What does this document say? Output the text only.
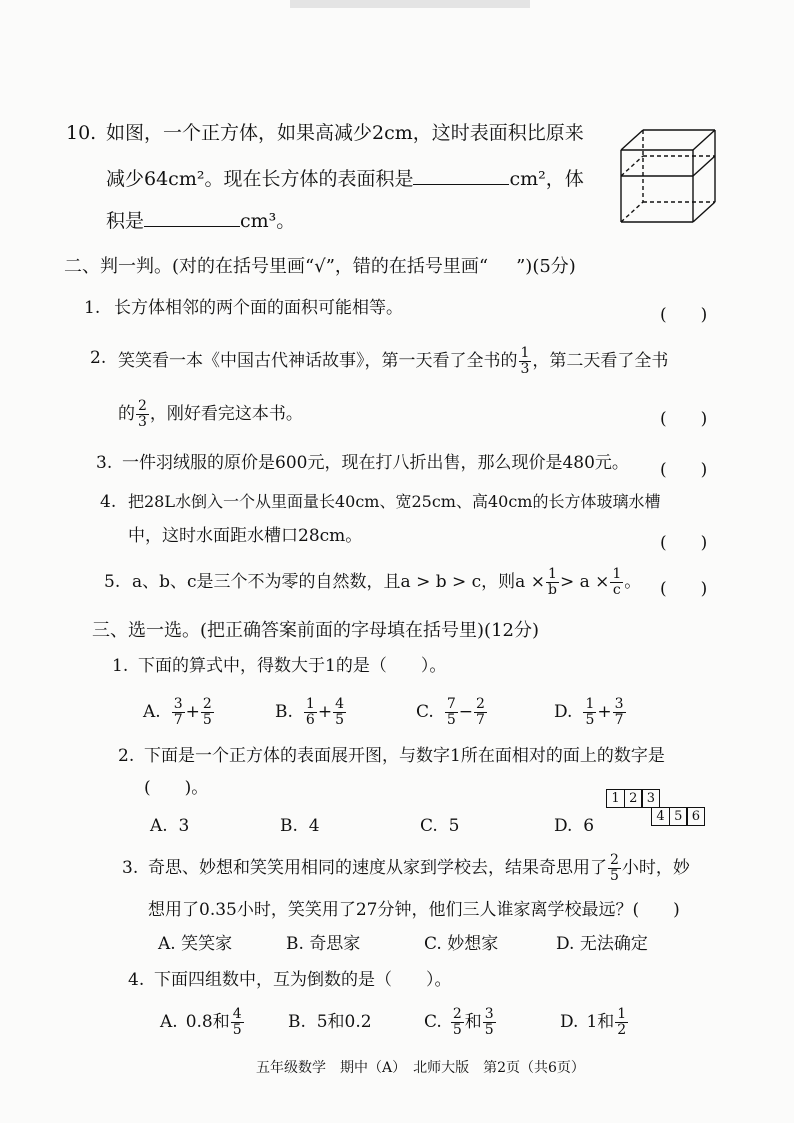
10. 如图，一个正方体，如果高减少2cm，这时表面积比原来
减少64cm²。现在长方体的表面积是	cm²，体
积是	cm³。
二、判一判。(对的在括号里画“√”，错的在括号里画“ ”)(5分)
1. 长方体相邻的两个面的面积可能相等。	(　　)
2. 笑笑看一本《中国古代神话故事》，第一天看了全书的 $\frac{1}{3}$ ，第二天看了全书
的 $\frac{2}{3}$ ，刚好看完这本书。	(　　)
3. 一件羽绒服的原价是600元，现在打八折出售，那么现价是480元。 (　　)
4. 把28L水倒入一个从里面量长40cm、宽25cm、高40cm的长方体玻璃水槽
中，这时水面距水槽口28cm。	(　　)
5. a、b、c是三个不为零的自然数，且a > b > c，则$a \times \frac{1}{b} > a \times \frac{1}{c}$ 。 (　　)
三、选一选。(把正确答案前面的字母填在括号里)(12分)
1. 下面的算式中，得数大于1的是（　　）。
A. $\frac{3}{7} + \frac{2}{5}$	B. $\frac{1}{6} + \frac{4}{5}$	C. $\frac{7}{5} - \frac{2}{7}$	D. $\frac{1}{5} + \frac{3}{7}$
2. 下面是一个正方体的表面展开图，与数字1所在面相对的面上的数字是
(　　)。
A. 3	B. 4	C. 5	D. 6
1 2 3
4 5 6
3. 奇思、妙想和笑笑用相同的速度从家到学校去，结果奇思用了 $\frac{2}{5}$ 小时，妙
想用了0.35小时，笑笑用了27分钟，他们三人谁家离学校最远？(　　)
A. 笑笑家	B. 奇思家	C. 妙想家	D. 无法确定
4. 下面四组数中，互为倒数的是（　　）。
A. 0.8和 $\frac{4}{5}$	B. 5和0.2	C. $\frac{2}{5}$ 和 $\frac{3}{5}$	D. 1和 $\frac{1}{2}$
五年级数学　期中（A）　北师大版　第2页（共6页）
